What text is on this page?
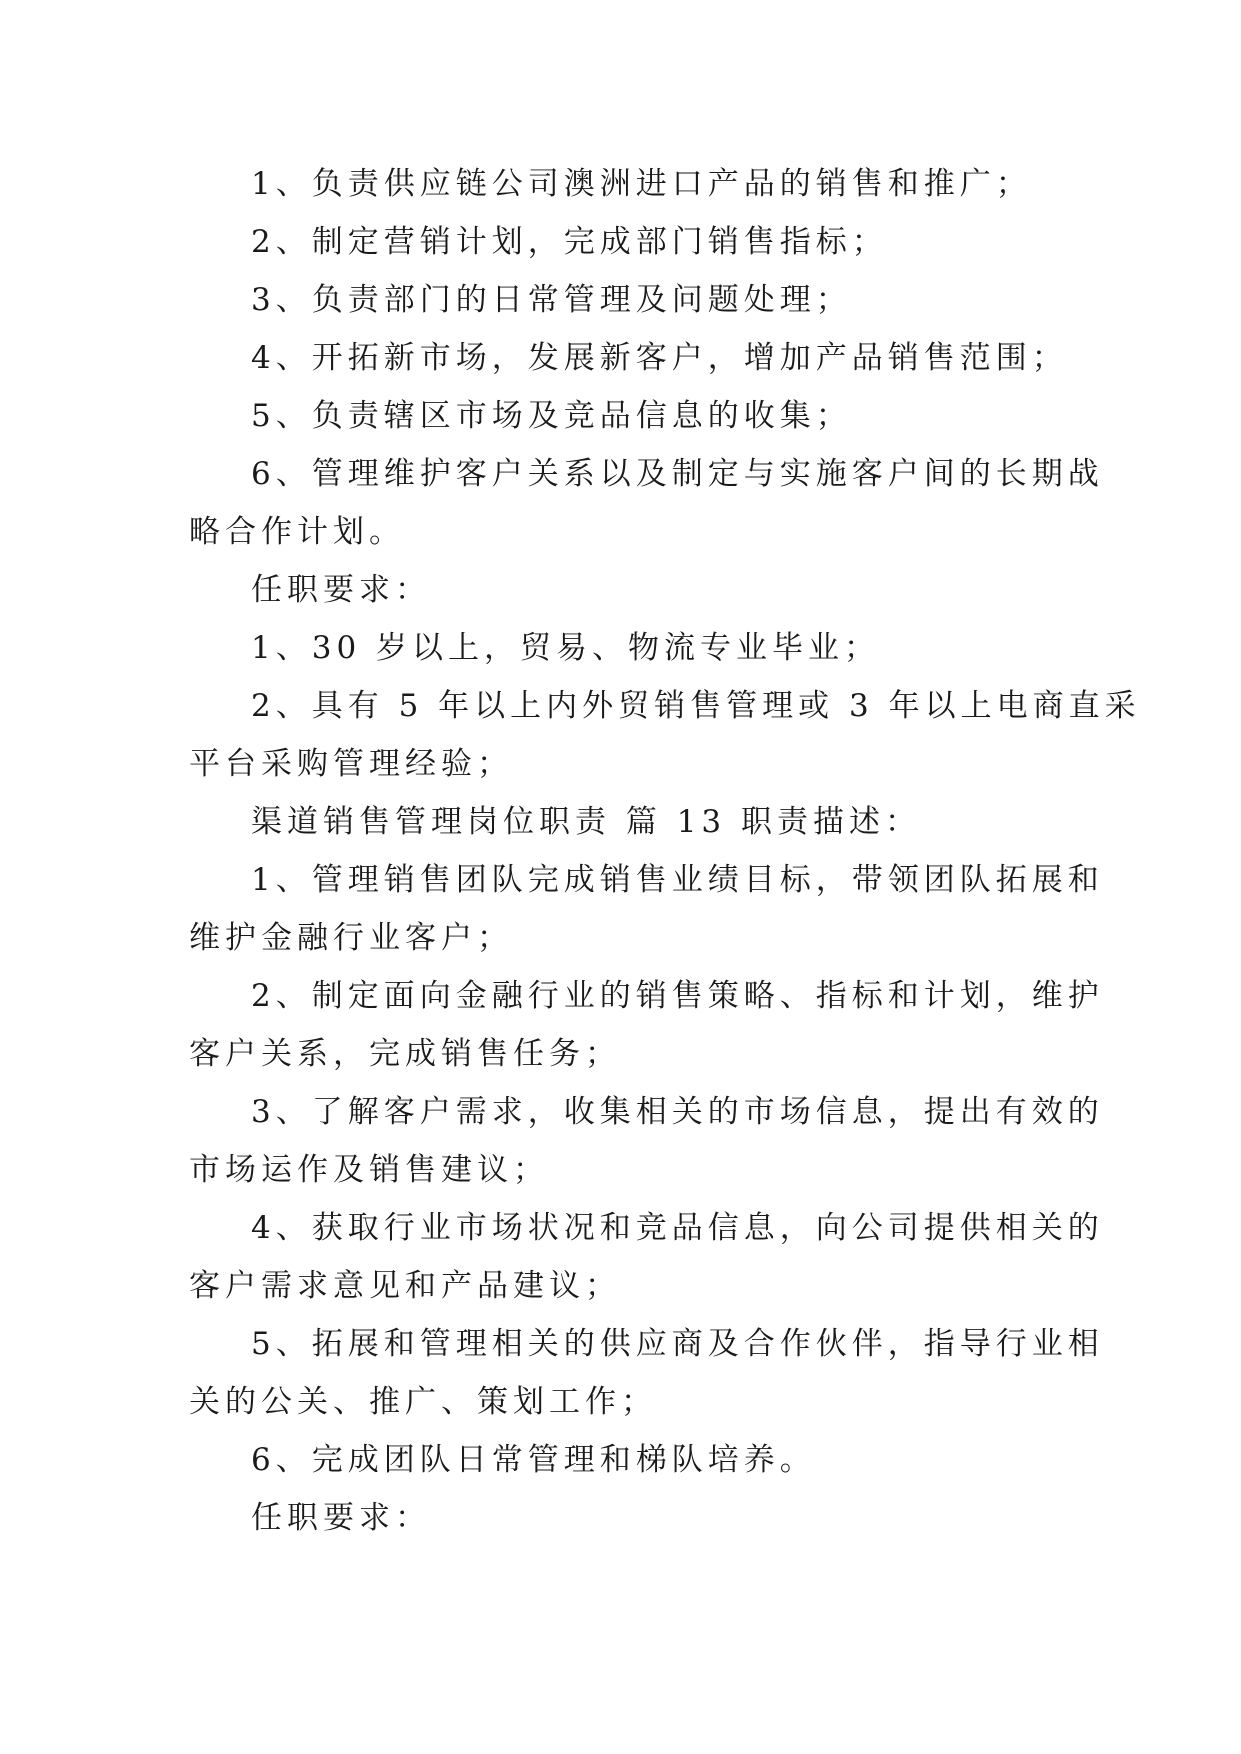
1、负责供应链公司澳洲进口产品的销售和推广；
2、制定营销计划，完成部门销售指标；
3、负责部门的日常管理及问题处理；
4、开拓新市场，发展新客户，增加产品销售范围；
5、负责辖区市场及竞品信息的收集；
6、管理维护客户关系以及制定与实施客户间的长期战
略合作计划。
任职要求：
1、30 岁以上，贸易、物流专业毕业；
2、具有 5 年以上内外贸销售管理或 3 年以上电商直采
平台采购管理经验；
渠道销售管理岗位职责 篇 13 职责描述：
1、管理销售团队完成销售业绩目标，带领团队拓展和
维护金融行业客户；
2、制定面向金融行业的销售策略、指标和计划，维护
客户关系，完成销售任务；
3、了解客户需求，收集相关的市场信息，提出有效的
市场运作及销售建议；
4、获取行业市场状况和竞品信息，向公司提供相关的
客户需求意见和产品建议；
5、拓展和管理相关的供应商及合作伙伴，指导行业相
关的公关、推广、策划工作；
6、完成团队日常管理和梯队培养。
任职要求：
